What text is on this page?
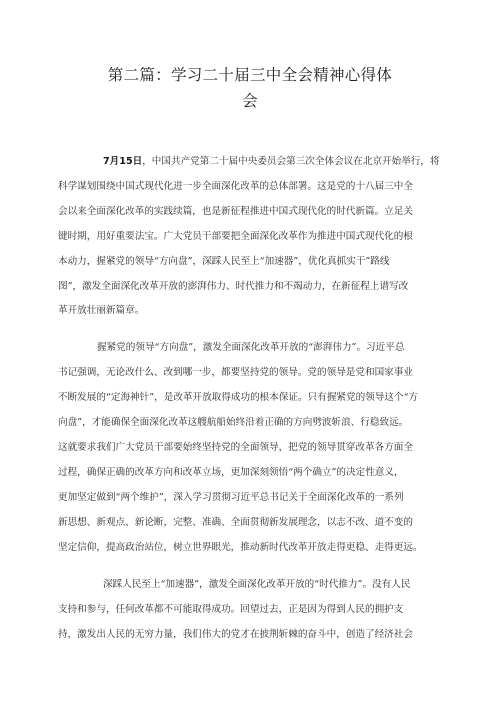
第二篇：学习二十届三中全会精神心得体
会
7月15日，中国共产党第二十届中央委员会第三次全体会议在北京开始举行，将
科学谋划围绕中国式现代化进一步全面深化改革的总体部署。这是党的十八届三中全
会以来全面深化改革的实践续篇，也是新征程推进中国式现代化的时代新篇。立足关
键时期，用好重要法宝。广大党员干部要把全面深化改革作为推进中国式现代化的根
本动力，握紧党的领导“方向盘”，深踩人民至上“加速器”，优化真抓实干”路线
图”，激发全面深化改革开放的澎湃伟力、时代推力和不竭动力，在新征程上谱写改
革开放壮丽新篇章。
握紧党的领导“方向盘”，激发全面深化改革开放的“澎湃伟力”。习近平总
书记强调，无论改什么、改到哪一步，都要坚持党的领导。党的领导是党和国家事业
不断发展的“定海神针”，是改革开放取得成功的根本保证。只有握紧党的领导这个“方
向盘”，才能确保全面深化改革这艘航船始终沿着正确的方向劈波斩浪、行稳致远。
这就要求我们广大党员干部要始终坚持党的全面领导，把党的领导贯穿改革各方面全
过程，确保正确的改革方向和改革立场，更加深刻领悟“两个确立”的决定性意义，
更加坚定做到“两个维护”，深入学习贯彻习近平总书记关于全面深化改革的一系列
新思想、新观点、新论断，完整、准确、全面贯彻新发展理念，以志不改、道不变的
坚定信仰，提高政治站位，树立世界眼光，推动新时代改革开放走得更稳、走得更远。
深踩人民至上“加速器”，激发全面深化改革开放的“时代推力”。没有人民
支持和参与，任何改革都不可能取得成功。回望过去，正是因为得到人民的拥护支
持，激发出人民的无穷力量，我们伟大的党才在披荆斩棘的奋斗中，创造了经济社会
